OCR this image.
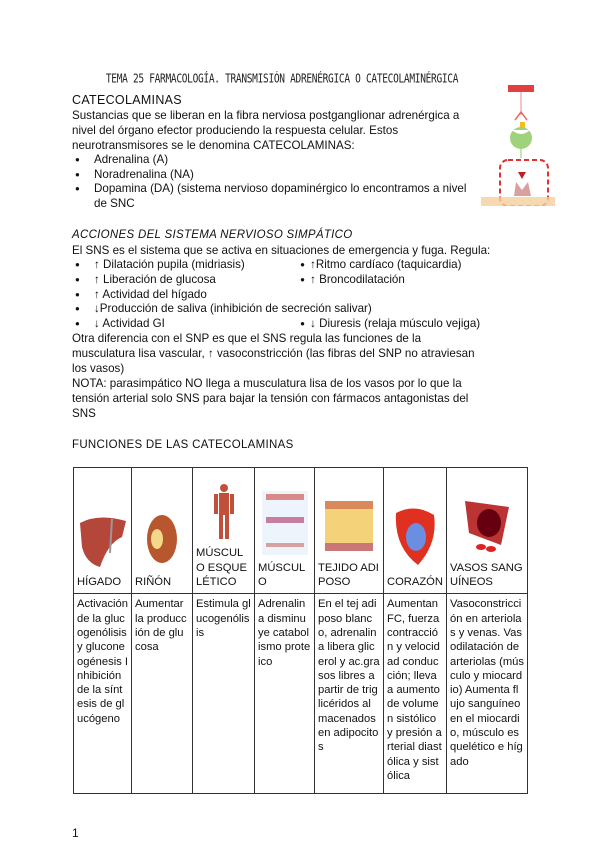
TEMA 25 FARMACOLOGÍA. TRANSMISIÓN ADRENÉRGICA O CATECOLAMINÉRGICA
CATECOLAMINAS
Sustancias que se liberan en la fibra nerviosa postganglionar adrenérgica a nivel del órgano efector produciendo la respuesta celular. Estos neurotransmisores se le denomina CATECOLAMINAS:
● Adrenalina (A)
● Noradrenalina (NA)
● Dopamina (DA) (sistema nervioso dopaminérgico lo encontramos a nivel de SNC
ACCIONES DEL SISTEMA NERVIOSO SIMPÁTICO
El SNS es el sistema que se activa en situaciones de emergencia y fuga. Regula:
● ↑ Dilatación pupila (midriasis)	● ↑Ritmo cardíaco (taquicardia)
● ↑ Liberación de glucosa	● ↑ Broncodilatación
● ↑ Actividad del hígado
● ↓Producción de saliva (inhibición de secreción salivar)
● ↓ Actividad GI	● ↓ Diuresis (relaja músculo vejiga)
Otra diferencia con el SNP es que el SNS regula las funciones de la musculatura lisa vascular, ↑ vasoconstricción (las fibras del SNP no atraviesan los vasos)
NOTA: parasimpático NO llega a musculatura lisa de los vasos por lo que la tensión arterial solo SNS para bajar la tensión con fármacos antagonistas del SNS
FUNCIONES DE LAS CATECOLAMINAS
HÍGADO	RIÑÓN	MÚSCULO ESQUELÉTICO	MÚSCULO	TEJIDO ADIPOSO	CORAZÓN	VASOS SANGUÍNEOS
Activación de la glucogenólisis y gluconeogénesis Inhibición de la síntesis de glucógeno	Aumentar la producción de glucosa	Estimula glucogenólisis	Adrenalina disminuye catabolismo proteico	En el tej adiposo blanco, adrenalina libera glicerol y ac.grasos libres a partir de triglicéridos almacenados en adipocitos	Aumentan FC, fuerza contracción y velocidad conducción; lleva a aumento de volumen sistólico y presión arterial diastólica y sistólica	Vasoconstricción en arteriolas y venas. Vasodilatación de arteriolas (músculo y miocardio) Aumenta flujo sanguíneo en el miocardio, músculo esquelético e hígado
1
